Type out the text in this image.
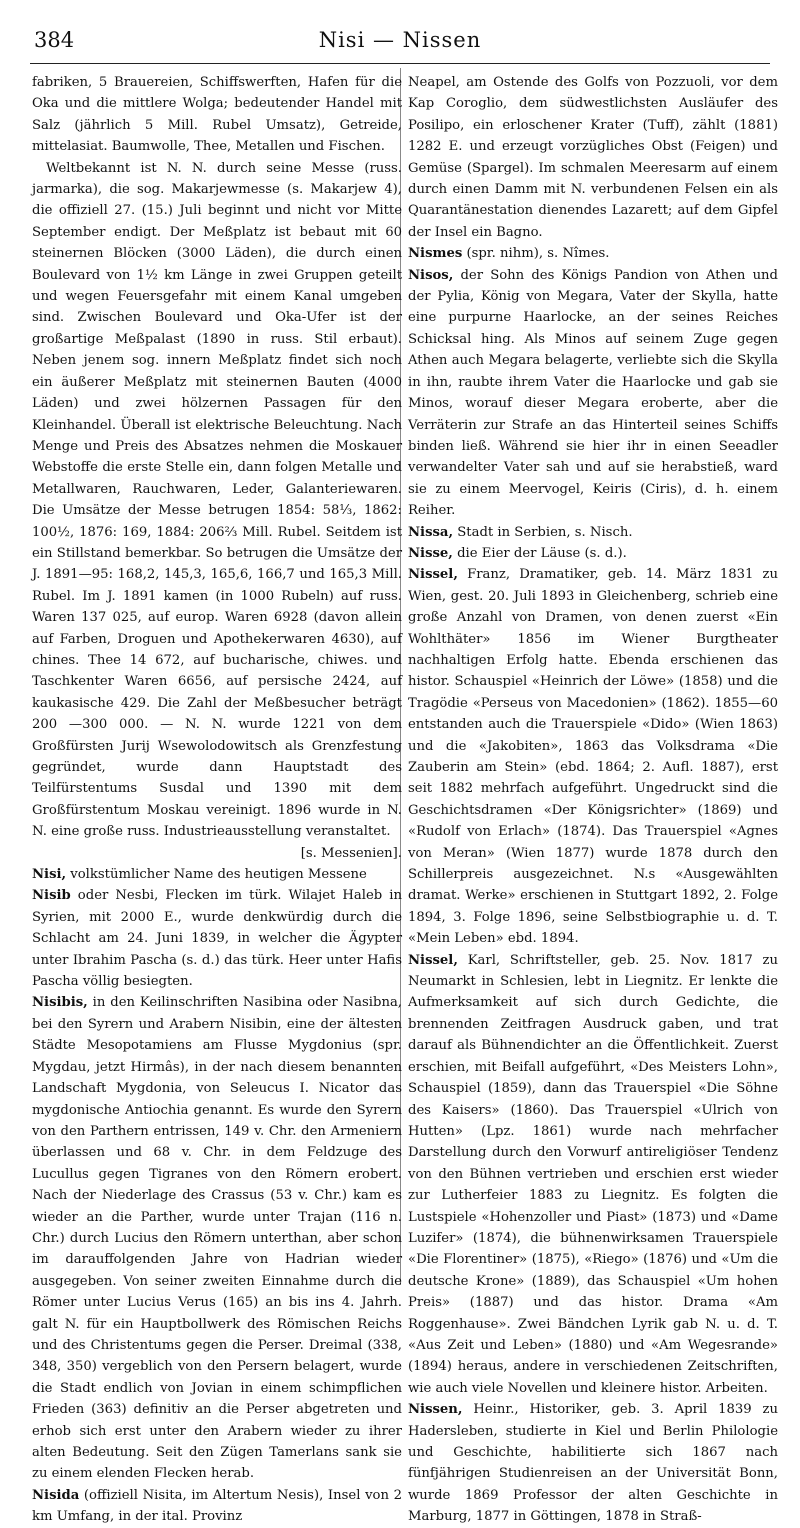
384	Nisi — Nissen

fabriken, 5 Brauereien, Schiffswerften, Hafen für die Oka und die mittlere Wolga; bedeutender Handel mit Salz (jährlich 5 Mill. Rubel Umsatz), Getreide, mittelasiat. Baumwolle, Thee, Metallen und Fischen.

Weltbekannt ist N. N. durch seine Messe (russ. jarmarka), die sog. Makarjewmesse (s. Makarjew 4), die offiziell 27. (15.) Juli beginnt und nicht vor Mitte September endigt. Der Meßplatz ist bebaut mit 60 steinernen Blöcken (3000 Läden), die durch einen Boulevard von 1½ km Länge in zwei Gruppen geteilt und wegen Feuersgefahr mit einem Kanal umgeben sind. Zwischen Boulevard und Oka-Ufer ist der großartige Meßpalast (1890 in russ. Stil erbaut). Neben jenem sog. innern Meßplatz findet sich noch ein äußerer Meßplatz mit steinernen Bauten (4000 Läden) und zwei hölzernen Passagen für den Kleinhandel. Überall ist elektrische Beleuchtung. Nach Menge und Preis des Absatzes nehmen die Moskauer Webstoffe die erste Stelle ein, dann folgen Metalle und Metallwaren, Rauchwaren, Leder, Galanteriewaren. Die Umsätze der Messe betrugen 1854: 58⅓, 1862: 100½, 1876: 169, 1884: 206⅔ Mill. Rubel. Seitdem ist ein Stillstand bemerkbar. So betrugen die Umsätze der J. 1891—95: 168,2, 145,3, 165,6, 166,7 und 165,3 Mill. Rubel. Im J. 1891 kamen (in 1000 Rubeln) auf russ. Waren 137 025, auf europ. Waren 6928 (davon allein auf Farben, Droguen und Apothekerwaren 4630), auf chines. Thee 14 672, auf bucharische, chiwes. und Taschkenter Waren 6656, auf persische 2424, auf kaukasische 429. Die Zahl der Meßbesucher beträgt 200 —300 000. — N. N. wurde 1221 von dem Großfürsten Jurij Wsewolodowitsch als Grenzfestung gegründet, wurde dann Hauptstadt des Teilfürstentums Susdal und 1390 mit dem Großfürstentum Moskau vereinigt. 1896 wurde in N. N. eine große russ. Industrieausstellung veranstaltet.

[s. Messenien].

Nisi, volkstümlicher Name des heutigen Messene

Nisib oder Nesbi, Flecken im türk. Wilajet Haleb in Syrien, mit 2000 E., wurde denkwürdig durch die Schlacht am 24. Juni 1839, in welcher die Ägypter unter Ibrahim Pascha (s. d.) das türk. Heer unter Hafis Pascha völlig besiegten.

Nisibis, in den Keilinschriften Nasibina oder Nasibna, bei den Syrern und Arabern Nisibin, eine der ältesten Städte Mesopotamiens am Flusse Mygdonius (spr. Mygdau, jetzt Hirmâs), in der nach diesem benannten Landschaft Mygdonia, von Seleucus I. Nicator das mygdonische Antiochia genannt. Es wurde den Syrern von den Parthern entrissen, 149 v. Chr. den Armeniern überlassen und 68 v. Chr. in dem Feldzuge des Lucullus gegen Tigranes von den Römern erobert. Nach der Niederlage des Crassus (53 v. Chr.) kam es wieder an die Parther, wurde unter Trajan (116 n. Chr.) durch Lucius den Römern unterthan, aber schon im darauffolgenden Jahre von Hadrian wieder ausgegeben. Von seiner zweiten Einnahme durch die Römer unter Lucius Verus (165) an bis ins 4. Jahrh. galt N. für ein Hauptbollwerk des Römischen Reichs und des Christentums gegen die Perser. Dreimal (338, 348, 350) vergeblich von den Persern belagert, wurde die Stadt endlich von Jovian in einem schimpflichen Frieden (363) definitiv an die Perser abgetreten und erhob sich erst unter den Arabern wieder zu ihrer alten Bedeutung. Seit den Zügen Tamerlans sank sie zu einem elenden Flecken herab.

Nisida (offiziell Nisita, im Altertum Nesis), Insel von 2 km Umfang, in der ital. Provinz

Neapel, am Ostende des Golfs von Pozzuoli, vor dem Kap Coroglio, dem südwestlichsten Ausläufer des Posilipo, ein erloschener Krater (Tuff), zählt (1881) 1282 E. und erzeugt vorzügliches Obst (Feigen) und Gemüse (Spargel). Im schmalen Meeresarm auf einem durch einen Damm mit N. verbundenen Felsen ein als Quarantänestation dienendes Lazarett; auf dem Gipfel der Insel ein Bagno.

Nismes (spr. nihm), s. Nîmes.

Nisos, der Sohn des Königs Pandion von Athen und der Pylia, König von Megara, Vater der Skylla, hatte eine purpurne Haarlocke, an der seines Reiches Schicksal hing. Als Minos auf seinem Zuge gegen Athen auch Megara belagerte, verliebte sich die Skylla in ihn, raubte ihrem Vater die Haarlocke und gab sie Minos, worauf dieser Megara eroberte, aber die Verräterin zur Strafe an das Hinterteil seines Schiffs binden ließ. Während sie hier ihr in einen Seeadler verwandelter Vater sah und auf sie herabstieß, ward sie zu einem Meervogel, Keiris (Ciris), d. h. einem Reiher.

Nissa, Stadt in Serbien, s. Nisch.

Nisse, die Eier der Läuse (s. d.).

Nissel, Franz, Dramatiker, geb. 14. März 1831 zu Wien, gest. 20. Juli 1893 in Gleichenberg, schrieb eine große Anzahl von Dramen, von denen zuerst «Ein Wohlthäter» 1856 im Wiener Burgtheater nachhaltigen Erfolg hatte. Ebenda erschienen das histor. Schauspiel «Heinrich der Löwe» (1858) und die Tragödie «Perseus von Macedonien» (1862). 1855—60 entstanden auch die Trauerspiele «Dido» (Wien 1863) und die «Jakobiten», 1863 das Volksdrama «Die Zauberin am Stein» (ebd. 1864; 2. Aufl. 1887), erst seit 1882 mehrfach aufgeführt. Ungedruckt sind die Geschichtsdramen «Der Königsrichter» (1869) und «Rudolf von Erlach» (1874). Das Trauerspiel «Agnes von Meran» (Wien 1877) wurde 1878 durch den Schillerpreis ausgezeichnet. N.s «Ausgewählten dramat. Werke» erschienen in Stuttgart 1892, 2. Folge 1894, 3. Folge 1896, seine Selbstbiographie u. d. T. «Mein Leben» ebd. 1894.

Nissel, Karl, Schriftsteller, geb. 25. Nov. 1817 zu Neumarkt in Schlesien, lebt in Liegnitz. Er lenkte die Aufmerksamkeit auf sich durch Gedichte, die brennenden Zeitfragen Ausdruck gaben, und trat darauf als Bühnendichter an die Öffentlichkeit. Zuerst erschien, mit Beifall aufgeführt, «Des Meisters Lohn», Schauspiel (1859), dann das Trauerspiel «Die Söhne des Kaisers» (1860). Das Trauerspiel «Ulrich von Hutten» (Lpz. 1861) wurde nach mehrfacher Darstellung durch den Vorwurf antireligiöser Tendenz von den Bühnen vertrieben und erschien erst wieder zur Lutherfeier 1883 zu Liegnitz. Es folgten die Lustspiele «Hohenzoller und Piast» (1873) und «Dame Luzifer» (1874), die bühnenwirksamen Trauerspiele «Die Florentiner» (1875), «Riego» (1876) und «Um die deutsche Krone» (1889), das Schauspiel «Um hohen Preis» (1887) und das histor. Drama «Am Roggenhause». Zwei Bändchen Lyrik gab N. u. d. T. «Aus Zeit und Leben» (1880) und «Am Wegesrande» (1894) heraus, andere in verschiedenen Zeitschriften, wie auch viele Novellen und kleinere histor. Arbeiten.

Nissen, Heinr., Historiker, geb. 3. April 1839 zu Hadersleben, studierte in Kiel und Berlin Philologie und Geschichte, habilitierte sich 1867 nach fünfjährigen Studienreisen an der Universität Bonn, wurde 1869 Professor der alten Geschichte in Marburg, 1877 in Göttingen, 1878 in Straß-
